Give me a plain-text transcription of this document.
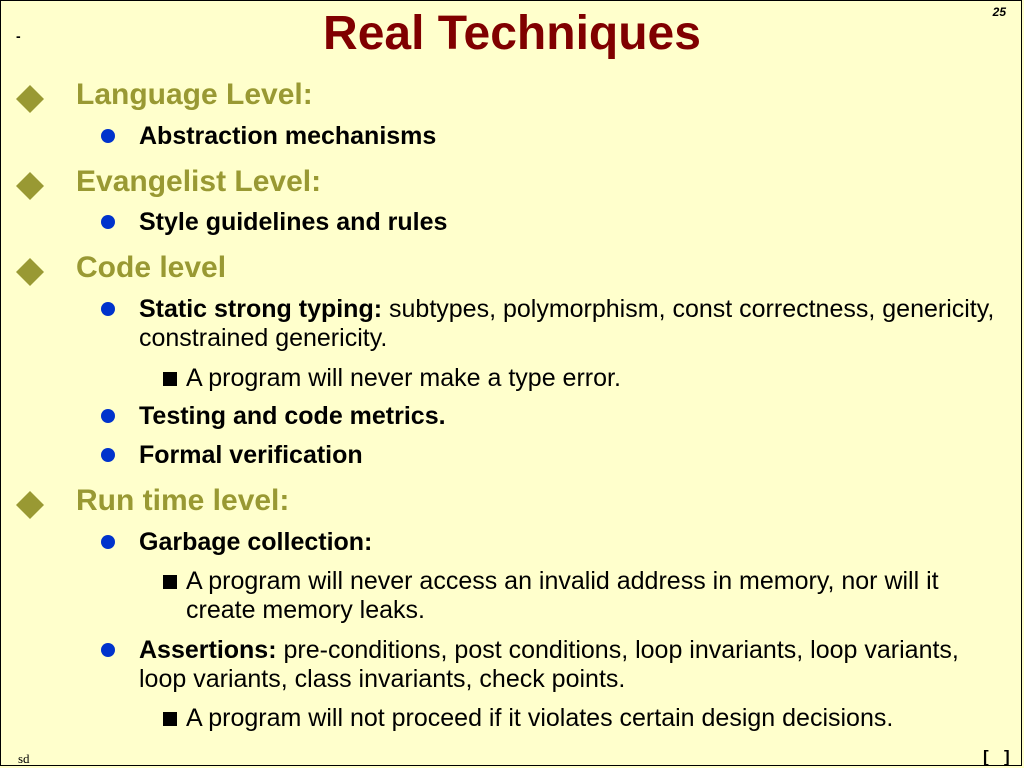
25
-	Real Techniques
Language Level:
Abstraction mechanisms
Evangelist Level:
Style guidelines and rules
Code level
Static strong typing: subtypes, polymorphism, const correctness, genericity, constrained genericity.
A program will never make a type error.
Testing and code metrics.
Formal verification
Run time level:
Garbage collection:
A program will never access an invalid address in memory, nor will it create memory leaks.
Assertions: pre-conditions, post conditions, loop invariants, loop variants, loop variants, class invariants, check points.
A program will not proceed if it violates certain design decisions.
sd	[ ]
